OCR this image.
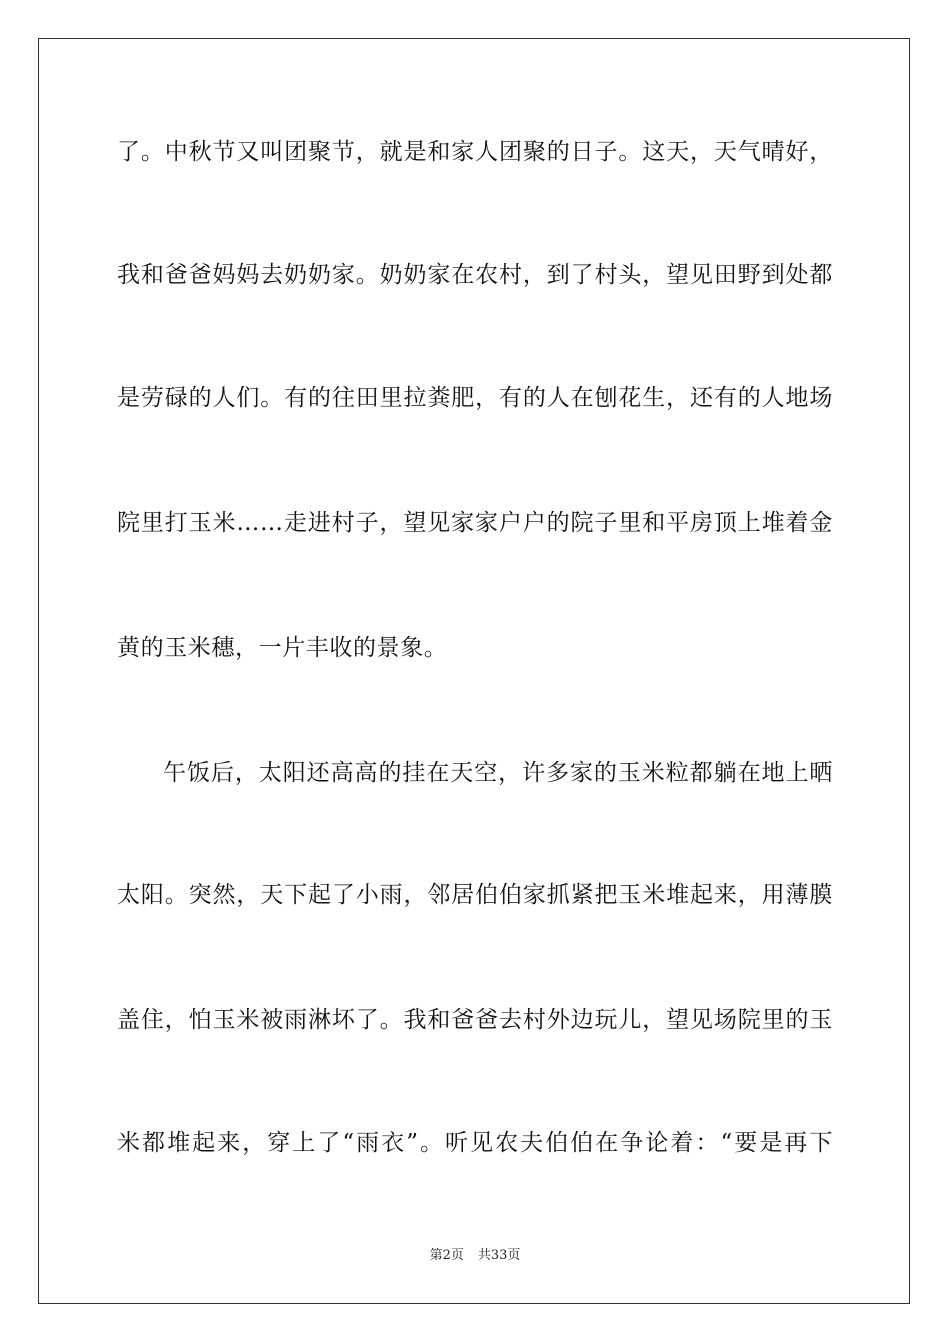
了。中秋节又叫团聚节，就是和家人团聚的日子。这天，天气晴好，
我和爸爸妈妈去奶奶家。奶奶家在农村，到了村头，望见田野到处都
是劳碌的人们。有的往田里拉粪肥，有的人在刨花生，还有的人地场
院里打玉米……走进村子，望见家家户户的院子里和平房顶上堆着金
黄的玉米穗，一片丰收的景象。
午饭后，太阳还高高的挂在天空，许多家的玉米粒都躺在地上晒
太阳。突然，天下起了小雨，邻居伯伯家抓紧把玉米堆起来，用薄膜
盖住，怕玉米被雨淋坏了。我和爸爸去村外边玩儿，望见场院里的玉
米都堆起来，穿上了“雨衣”。听见农夫伯伯在争论着：“要是再下
第2页 共33页
